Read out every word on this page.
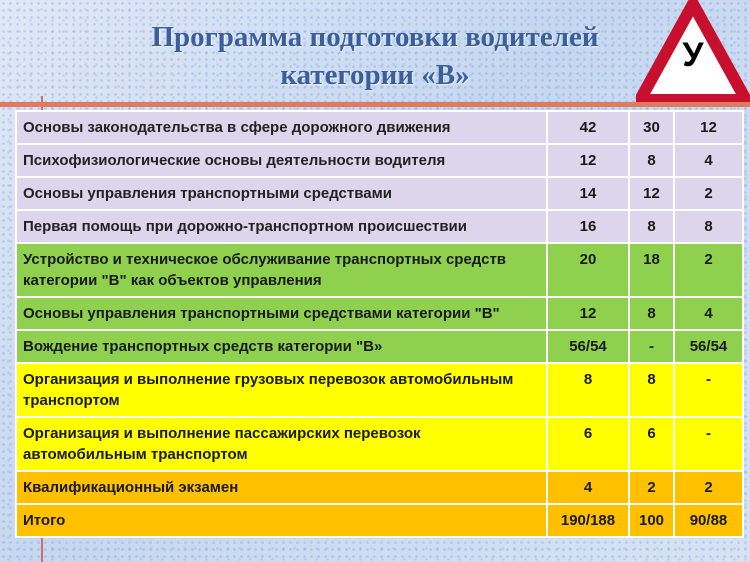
Программа подготовки водителей
категории «В»
У
Основы законодательства в сфере дорожного движения	42	30	12
Психофизиологические основы деятельности водителя	12	8	4
Основы управления транспортными средствами	14	12	2
Первая помощь при дорожно-транспортном происшествии	16	8	8
Устройство и техническое обслуживание транспортных средств категории "В" как объектов управления	20	18	2
Основы управления транспортными средствами категории "В"	12	8	4
Вождение транспортных средств категории "В»	56/54	-	56/54
Организация и выполнение грузовых перевозок автомобильным транспортом	8	8	-
Организация и выполнение пассажирских перевозок автомобильным транспортом	6	6	-
Квалификационный экзамен	4	2	2
Итого	190/188	100	90/88
